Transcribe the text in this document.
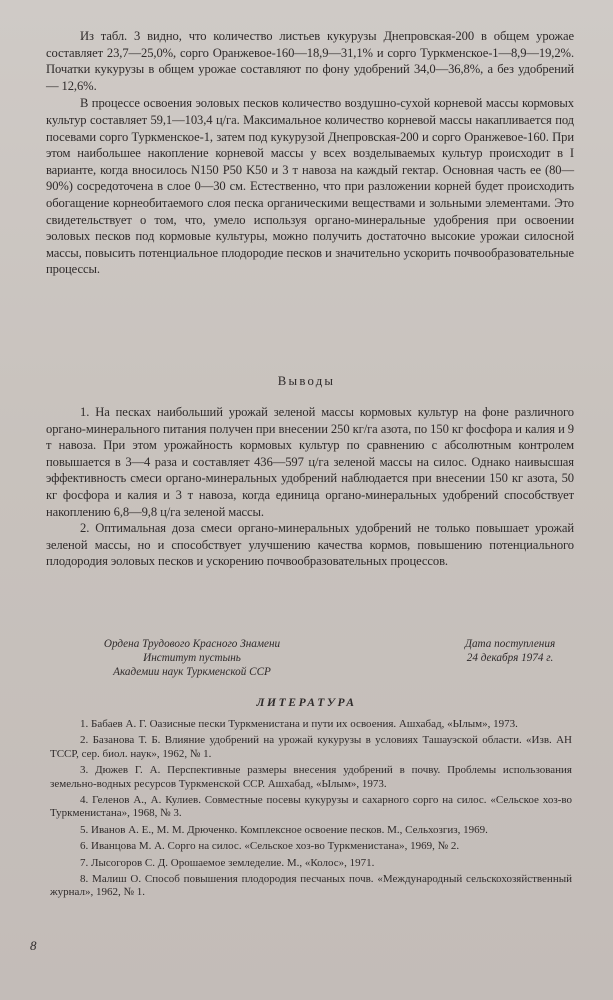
Из табл. 3 видно, что количество листьев кукурузы Днепровская-200 в общем урожае составляет 23,7—25,0%, сорго Оранжевое-160—18,9—31,1% и сорго Туркменское-1—8,9—19,2%. Початки кукурузы в общем урожае составляют по фону удобрений 34,0—36,8%, а без удобрений — 12,6%.

В процессе освоения эоловых песков количество воздушно-сухой корневой массы кормовых культур составляет 59,1—103,4 ц/га. Максимальное количество корневой массы накапливается под посевами сорго Туркменское-1, затем под кукурузой Днепровская-200 и сорго Оранжевое-160. При этом наибольшее накопление корневой массы у всех возделываемых культур происходит в I варианте, когда вносилось N150 P50 K50 и 3 т навоза на каждый гектар. Основная часть ее (80—90%) сосредоточена в слое 0—30 см. Естественно, что при разложении корней будет происходить обогащение корнеобитаемого слоя песка органическими веществами и зольными элементами. Это свидетельствует о том, что, умело используя органо-минеральные удобрения при освоении эоловых песков под кормовые культуры, можно получить достаточно высокие урожаи силосной массы, повысить потенциальное плодородие песков и значительно ускорить почвообразовательные процессы.

Выводы

1. На песках наибольший урожай зеленой массы кормовых культур на фоне различного органо-минерального питания получен при внесении 250 кг/га азота, по 150 кг фосфора и калия и 9 т навоза. При этом урожайность кормовых культур по сравнению с абсолютным контролем повышается в 3—4 раза и составляет 436—597 ц/га зеленой массы на силос. Однако наивысшая эффективность смеси органо-минеральных удобрений наблюдается при внесении 150 кг азота, 50 кг фосфора и калия и 3 т навоза, когда единица органо-минеральных удобрений способствует накоплению 6,8—9,8 ц/га зеленой массы.

2. Оптимальная доза смеси органо-минеральных удобрений не только повышает урожай зеленой массы, но и способствует улучшению качества кормов, повышению потенциального плодородия эоловых песков и ускорению почвообразовательных процессов.

Ордена Трудового Красного Знамени
Институт пустынь
Академии наук Туркменской ССР
Дата поступления
24 декабря 1974 г.
ЛИТЕРАТУРА

1. Бабаев А. Г. Оазисные пески Туркменистана и пути их освоения. Ашхабад, «Ылым», 1973.

2. Базанова Т. Б. Влияние удобрений на урожай кукурузы в условиях Ташауэской области. «Изв. АН ТССР, сер. биол. наук», 1962, № 1.

3. Дюжев Г. А. Перспективные размеры внесения удобрений в почву. Проблемы использования земельно-водных ресурсов Туркменской ССР. Ашхабад, «Ылым», 1973.

4. Геленов А., А. Кулиев. Совместные посевы кукурузы и сахарного сорго на силос. «Сельское хоз-во Туркменистана», 1968, № 3.

5. Иванов А. Е., М. М. Дрюченко. Комплексное освоение песков. М., Сельхозгиз, 1969.

6. Иванцова М. А. Сорго на силос. «Сельское хоз-во Туркменистана», 1969, № 2.

7. Лысогоров С. Д. Орошаемое земледелие. М., «Колос», 1971.

8. Малиш О. Способ повышения плодородия песчаных почв. «Международный сельскохозяйственный журнал», 1962, № 1.

8
